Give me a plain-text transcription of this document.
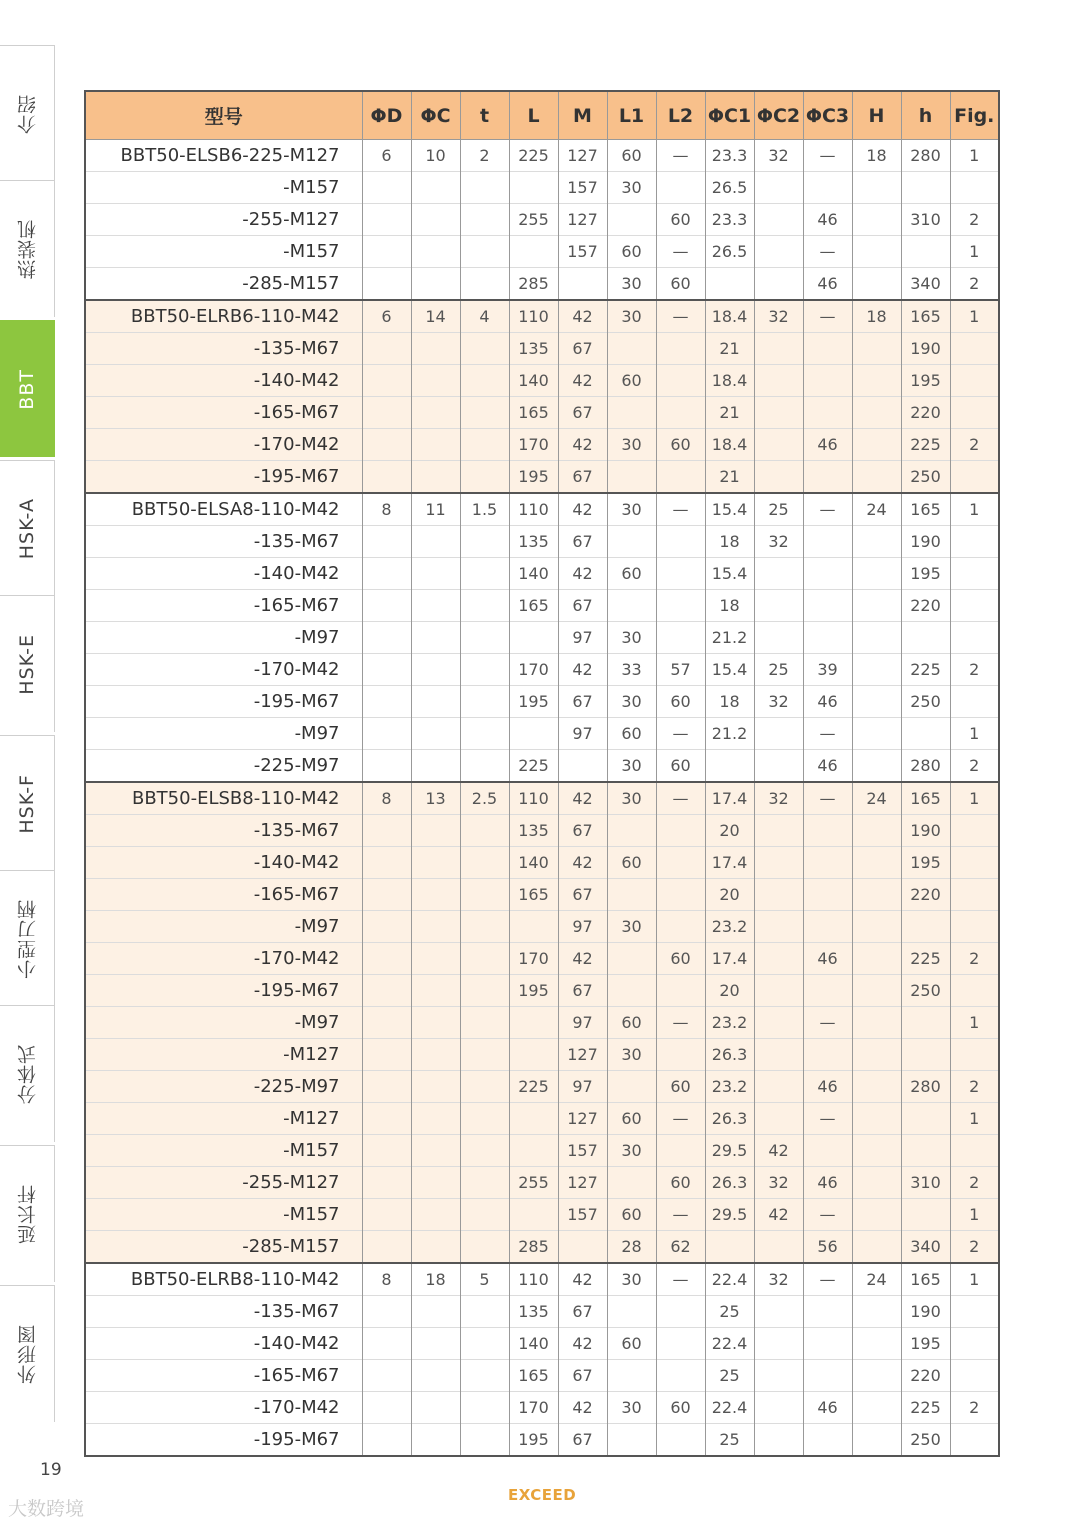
介绍
热装机
BBT
HSK-A
HSK-E
HSK-F
小型刀柄
分体式
延长杆
外形图
型号	ΦD	ΦC	t	L	M	L1	L2	ΦC1	ΦC2	ΦC3	H	h	Fig.
BBT50-ELSB6-225-M127	6	10	2	225	127	60	—	23.3	32	—	18	280	1
-M157					157	30		26.5					
-255-M127				255	127		60	23.3		46		310	2
-M157					157	60	—	26.5		—			1
-285-M157				285		30	60			46		340	2
BBT50-ELRB6-110-M42	6	14	4	110	42	30	—	18.4	32	—	18	165	1
-135-M67				135	67			21				190	
-140-M42				140	42	60		18.4				195	
-165-M67				165	67			21				220	
-170-M42				170	42	30	60	18.4		46		225	2
-195-M67				195	67			21				250	
BBT50-ELSA8-110-M42	8	11	1.5	110	42	30	—	15.4	25	—	24	165	1
-135-M67				135	67			18	32			190	
-140-M42				140	42	60		15.4				195	
-165-M67				165	67			18				220	
-M97					97	30		21.2					
-170-M42				170	42	33	57	15.4	25	39		225	2
-195-M67				195	67	30	60	18	32	46		250	
-M97					97	60	—	21.2		—			1
-225-M97				225		30	60			46		280	2
BBT50-ELSB8-110-M42	8	13	2.5	110	42	30	—	17.4	32	—	24	165	1
-135-M67				135	67			20				190	
-140-M42				140	42	60		17.4				195	
-165-M67				165	67			20				220	
-M97					97	30		23.2					
-170-M42				170	42		60	17.4		46		225	2
-195-M67				195	67			20				250	
-M97					97	60	—	23.2		—			1
-M127					127	30		26.3					
-225-M97				225	97		60	23.2		46		280	2
-M127					127	60	—	26.3		—			1
-M157					157	30		29.5	42				
-255-M127				255	127		60	26.3	32	46		310	2
-M157					157	60	—	29.5	42	—			1
-285-M157				285		28	62			56		340	2
BBT50-ELRB8-110-M42	8	18	5	110	42	30	—	22.4	32	—	24	165	1
-135-M67				135	67			25				190	
-140-M42				140	42	60		22.4				195	
-165-M67				165	67			25				220	
-170-M42				170	42	30	60	22.4		46		225	2
-195-M67				195	67			25				250	
19
EXCEED
大数跨境
